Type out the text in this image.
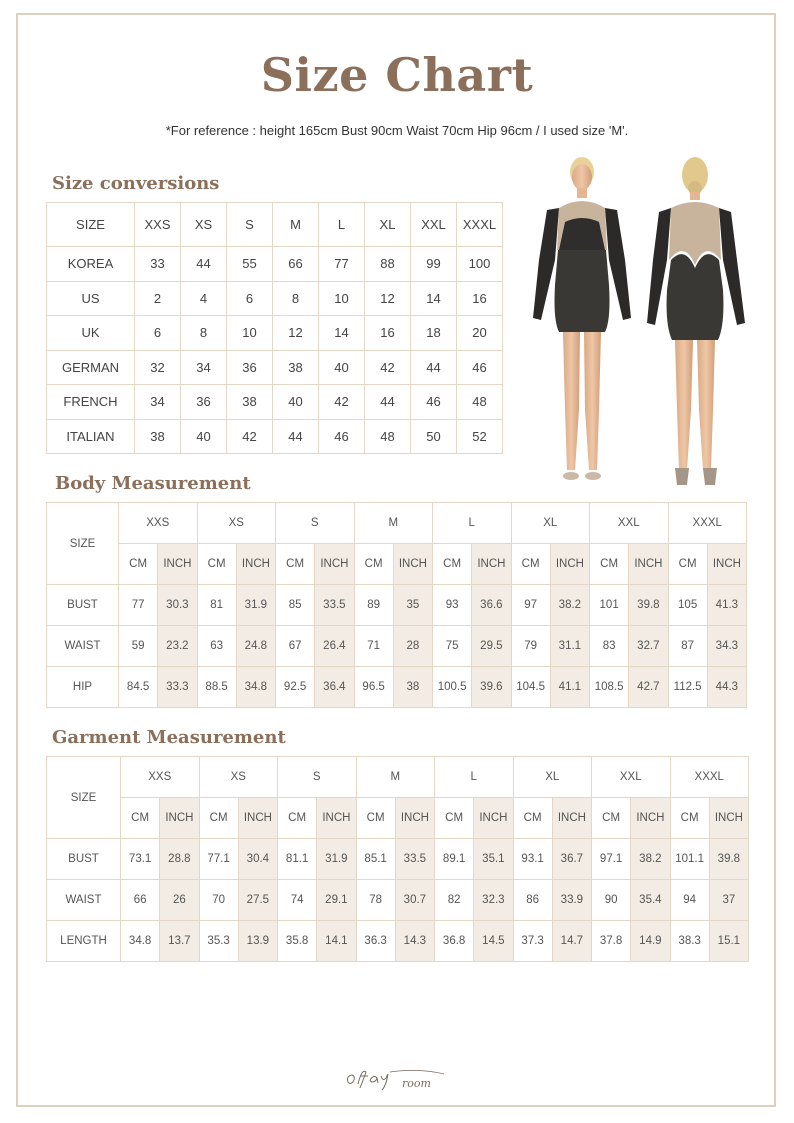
Size Chart
*For reference : height 165cm Bust 90cm Waist 70cm Hip 96cm / I used size 'M'.
Size conversions
SIZE	XXS	XS	S	M	L	XL	XXL	XXXL
KOREA	33	44	55	66	77	88	99	100
US	2	4	6	8	10	12	14	16
UK	6	8	10	12	14	16	18	20
GERMAN	32	34	36	38	40	42	44	46
FRENCH	34	36	38	40	42	44	46	48
ITALIAN	38	40	42	44	46	48	50	52
Body Measurement
SIZE	XXS		XS		S		M		L		XL		XXL		XXXL	
	CM	INCH	CM	INCH	CM	INCH	CM	INCH	CM	INCH	CM	INCH	CM	INCH	CM	INCH
BUST	77	30.3	81	31.9	85	33.5	89	35	93	36.6	97	38.2	101	39.8	105	41.3
WAIST	59	23.2	63	24.8	67	26.4	71	28	75	29.5	79	31.1	83	32.7	87	34.3
HIP	84.5	33.3	88.5	34.8	92.5	36.4	96.5	38	100.5	39.6	104.5	41.1	108.5	42.7	112.5	44.3
Garment Measurement
SIZE	XXS		XS		S		M		L		XL		XXL		XXXL	
	CM	INCH	CM	INCH	CM	INCH	CM	INCH	CM	INCH	CM	INCH	CM	INCH	CM	INCH
BUST	73.1	28.8	77.1	30.4	81.1	31.9	85.1	33.5	89.1	35.1	93.1	36.7	97.1	38.2	101.1	39.8
WAIST	66	26	70	27.5	74	29.1	78	30.7	82	32.3	86	33.9	90	35.4	94	37
LENGTH	34.8	13.7	35.3	13.9	35.8	14.1	36.3	14.3	36.8	14.5	37.3	14.7	37.8	14.9	38.3	15.1
room
